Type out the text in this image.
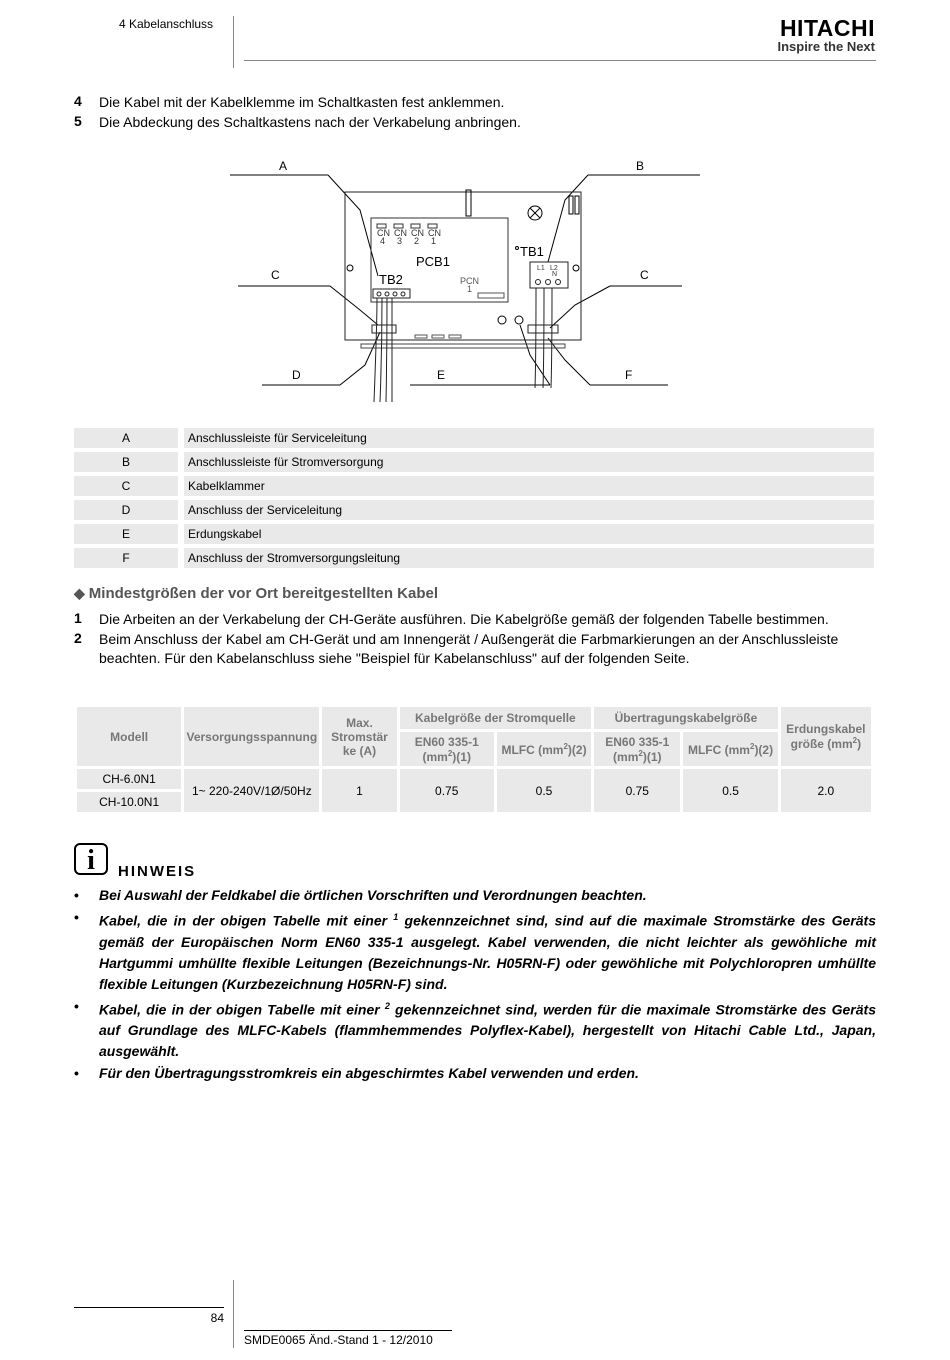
4 Kabelanschluss	HITACHI
Inspire the Next
4 Die Kabel mit der Kabelklemme im Schaltkasten fest anklemmen.
5 Die Abdeckung des Schaltkastens nach der Verkabelung anbringen.
CN CN CN CN
4 3 2 1
PCB1
TB2	PCN
1
TB1
L1 L2
N
A	B
C	C
D	E	F
A		Anschlussleiste für Serviceleitung
B		Anschlussleiste für Stromversorgung
C		Kabelklammer
D		Anschluss der Serviceleitung
E		Erdungskabel
F		Anschluss der Stromversorgungsleitung
◆ Mindestgrößen der vor Ort bereitgestellten Kabel
1 Die Arbeiten an der Verkabelung der CH-Geräte ausführen. Die Kabelgröße gemäß der folgenden Tabelle bestimmen.
2 Beim Anschluss der Kabel am CH-Gerät und am Innengerät / Außengerät die Farbmarkierungen an der Anschlussleiste beachten. Für den Kabelanschluss siehe "Beispiel für Kabelanschluss" auf der folgenden Seite.
Modell	Versorgungsspannung	Max. Stromstär ke (A)	Kabelgröße der Stromquelle		Übertragungskabelgröße		Erdungskabel größe $(mm^2)$
			EN60 335-1 $(mm^2)(1)$	MLFC $(mm^2)(2)$	EN60 335-1 $(mm^2)(1)$	MLFC $(mm^2)(2)$	
CH-6.0N1	1~ 220-240V/1Ø/50Hz	1	0.75	0.5	0.75	0.5	2.0
CH-10.0N1							
i	HINWEIS
• Bei Auswahl der Feldkabel die örtlichen Vorschriften und Verordnungen beachten.
• Kabel, die in der obigen Tabelle mit einer $^1$ gekennzeichnet sind, sind auf die maximale Stromstärke des Geräts gemäß der Europäischen Norm EN60 335-1 ausgelegt. Kabel verwenden, die nicht leichter als gewöhliche mit Hartgummi umhüllte flexible Leitungen (Bezeichnungs-Nr. H05RN-F) oder gewöhliche mit Polychloropren umhüllte flexible Leitungen (Kurzbezeichnung H05RN-F) sind.
• Kabel, die in der obigen Tabelle mit einer $^2$ gekennzeichnet sind, werden für die maximale Stromstärke des Geräts auf Grundlage des MLFC-Kabels (flammhemmendes Polyflex-Kabel), hergestellt von Hitachi Cable Ltd., Japan, ausgewählt.
• Für den Übertragungsstromkreis ein abgeschirmtes Kabel verwenden und erden.
84
SMDE0065 Änd.-Stand 1 - 12/2010
